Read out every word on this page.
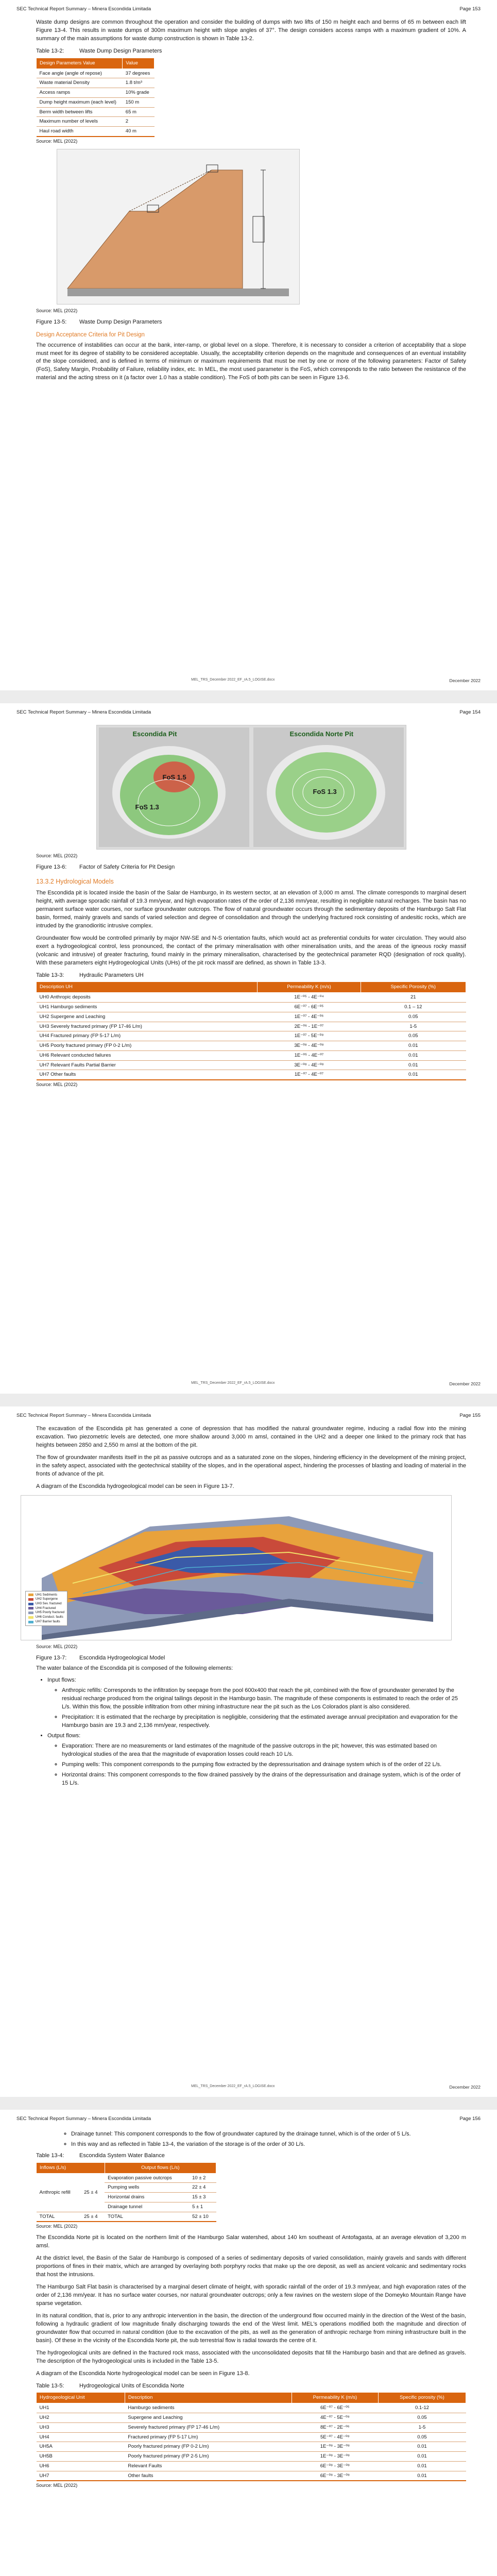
SEC Technical Report Summary – Minera Escondida Limitada	Page 153

Waste dump designs are common throughout the operation and consider the building of dumps with two lifts of 150 m height each and berms of 65 m between each lift Figure 13-4. This results in waste dumps of 300m maximum height with slope angles of 37°. The design considers access ramps with a maximum gradient of 10%. A summary of the main assumptions for waste dump construction is shown in Table 13-2.

Table 13-2:	Waste Dump Design Parameters
Design Parameters Value	Value
Face angle (angle of repose)	37 degrees
Waste material Density	1.8 t/m³
Access ramps	10% grade
Dump height maximum (each level)	150 m
Berm width between lifts	65 m
Maximum number of levels	2
Haul road width	40 m
Source: MEL (2022)
Source: MEL (2022)
Figure 13-5:	Waste Dump Design Parameters
Design Acceptance Criteria for Pit Design

The occurrence of instabilities can occur at the bank, inter-ramp, or global level on a slope. Therefore, it is necessary to consider a criterion of acceptability that a slope must meet for its degree of stability to be considered acceptable. Usually, the acceptability criterion depends on the magnitude and consequences of an eventual instability of the slope considered, and is defined in terms of minimum or maximum requirements that must be met by one or more of the following parameters: Factor of Safety (FoS), Safety Margin, Probability of Failure, reliability index, etc. In MEL, the most used parameter is the FoS, which corresponds to the ratio between the resistance of the material and the acting stress on it (a factor over 1.0 has a stable condition). The FoS of both pits can be seen in Figure 13-6.

MEL_TRS_December 2022_EF_rA.5_LOGISE.docx	December 2022
SEC Technical Report Summary – Minera Escondida Limitada	Page 154
Escondida Pit	Escondida Norte Pit
FoS 1.5
FoS 1.3
FoS 1.3
Source: MEL (2022)
Figure 13-6:	Factor of Safety Criteria for Pit Design
13.3.2 Hydrological Models

The Escondida pit is located inside the basin of the Salar de Hamburgo, in its western sector, at an elevation of 3,000 m amsl. The climate corresponds to marginal desert height, with average sporadic rainfall of 19.3 mm/year, and high evaporation rates of the order of 2,136 mm/year, resulting in negligible natural recharges. The basin has no permanent surface water courses, nor surface groundwater outcrops. The flow of natural groundwater occurs through the sedimentary deposits of the Hamburgo Salt Flat basin, formed, mainly gravels and sands of varied selection and degree of consolidation and through the underlying fractured rock consisting of andesitic rocks, which are intruded by the granodioritic intrusive complex.

Groundwater flow would be controlled primarily by major NW-SE and N-S orientation faults, which would act as preferential conduits for water circulation. They would also exert a hydrogeological control, less pronounced, the contact of the primary mineralisation with other mineralisation units, and the areas of the igneous rocky massif (volcanic and intrusive) of greater fracturing, found mainly in the primary mineralisation, characterised by the geotechnical parameter RQD (designation of rock quality). With these parameters eight Hydrogeological Units (UHs) of the pit rock massif are defined, as shown in Table 13-3.

Table 13-3:	Hydraulic Parameters UH
Description UH	Permeability K (m/s)	Specific Porosity (%)
UH0 Anthropic deposits	1E⁻⁰⁵ - 4E⁻⁰⁴	21
UH1 Hamburgo sediments	6E⁻⁰⁷ - 6E⁻⁰⁵	0.1 – 12
UH2 Supergene and Leaching	1E⁻⁰⁷ - 4E⁻⁰⁶	0.05
UH3 Severely fractured primary (FP 17-46 L/m)	2E⁻⁰⁶ - 1E⁻⁰⁷	1-5
UH4 Fractured primary (FP 5-17 L/m)	1E⁻⁰⁷ - 5E⁻⁰⁸	0.05
UH5 Poorly fractured primary (FP 0-2 L/m)	3E⁻⁰⁸ - 4E⁻⁰⁸	0.01
UH6 Relevant conducted failures	1E⁻⁰⁵ - 4E⁻⁰⁷	0.01
UH7 Relevant Faults Partial Barrier	3E⁻⁰⁸ - 4E⁻⁰⁸	0.01
UH7 Other faults	1E⁻⁰⁷ - 4E⁻⁰⁷	0.01
Source: MEL (2022)
MEL_TRS_December 2022_EF_rA.5_LOGISE.docx	December 2022
SEC Technical Report Summary – Minera Escondida Limitada	Page 155

The excavation of the Escondida pit has generated a cone of depression that has modified the natural groundwater regime, inducing a radial flow into the mining excavation. Two piezometric levels are detected, one more shallow around 3,000 m amsl, contained in the UH2 and a deeper one linked to the primary rock that has heights between 2850 and 2,550 m amsl at the bottom of the pit.

The flow of groundwater manifests itself in the pit as passive outcrops and as a saturated zone on the slopes, hindering efficiency in the development of the mining project, in the safety aspect, associated with the geotechnical stability of the slopes, and in the operational aspect, hindering the processes of blasting and loading of material in the fronts of advance of the pit.

A diagram of the Escondida hydrogeological model can be seen in Figure 13-7.

UH1 Sediments
UH2 Supergene
UH3 Sev. fractured
UH4 Fractured
UH5 Poorly fractured
UH6 Conduct. faults
UH7 Barrier faults
Source: MEL (2022)
Figure 13-7:	Escondida Hydrogeological Model

The water balance of the Escondida pit is composed of the following elements:

• Input flows:
◦ Anthropic refills: Corresponds to the infiltration by seepage from the pool 600x400 that reach the pit, combined with the flow of groundwater generated by the residual recharge produced from the original tailings deposit in the Hamburgo basin. The magnitude of these components is estimated to reach the order of 25 L/s. Within this flow, the possible infiltration from other mining infrastructure near the pit such as the Los Colorados plant is also considered.
◦ Precipitation: It is estimated that the recharge by precipitation is negligible, considering that the estimated average annual precipitation and evaporation for the Hamburgo basin are 19.3 and 2,136 mm/year, respectively.
• Output flows:
◦ Evaporation: There are no measurements or land estimates of the magnitude of the passive outcrops in the pit; however, this was estimated based on hydrological studies of the area that the magnitude of evaporation losses could reach 10 L/s.
◦ Pumping wells: This component corresponds to the pumping flow extracted by the depressurisation and drainage system which is of the order of 22 L/s.
◦ Horizontal drains: This component corresponds to the flow drained passively by the drains of the depressurisation and drainage system, which is of the order of 15 L/s.
MEL_TRS_December 2022_EF_rA.5_LOGISE.docx	December 2022
SEC Technical Report Summary – Minera Escondida Limitada	Page 156
◦ Drainage tunnel: This component corresponds to the flow of groundwater captured by the drainage tunnel, which is of the order of 5 L/s.
◦ In this way and as reflected in Table 13-4, the variation of the storage is of the order of 30 L/s.
Table 13-4:	Escondida System Water Balance
Inflows (L/s)		Output flows (L/s)	
Anthropic refill	25 ± 4	Evaporation passive outcrops	10 ± 2
		Pumping wells	22 ± 4
		Horizontal drains	15 ± 3
		Drainage tunnel	5 ± 1
TOTAL	25 ± 4	TOTAL	52 ± 10
Source: MEL (2022)

The Escondida Norte pit is located on the northern limit of the Hamburgo Salar watershed, about 140 km southeast of Antofagasta, at an average elevation of 3,200 m amsl.

At the district level, the Basin of the Salar de Hamburgo is composed of a series of sedimentary deposits of varied consolidation, mainly gravels and sands with different proportions of fines in their matrix, which are arranged by overlaying both porphyry rocks that make up the ore deposit, as well as ancient volcanic and sedimentary rocks that host the intrusions.

The Hamburgo Salt Flat basin is characterised by a marginal desert climate of height, with sporadic rainfall of the order of 19.3 mm/year, and high evaporation rates of the order of 2,136 mm/year. It has no surface water courses, nor natural groundwater outcrops; only a few ravines on the western slope of the Domeyko Mountain Range have sparse vegetation.

In its natural condition, that is, prior to any anthropic intervention in the basin, the direction of the underground flow occurred mainly in the direction of the West of the basin, following a hydraulic gradient of low magnitude finally discharging towards the end of the West limit. MEL's operations modified both the magnitude and direction of groundwater flow that occurred in natural condition (due to the excavation of the pits, as well as the generation of anthropic recharge from mining infrastructure built in the basin). Of these in the vicinity of the Escondida Norte pit, the sub terrestrial flow is radial towards the centre of it.

The hydrogeological units are defined in the fractured rock mass, associated with the unconsolidated deposits that fill the Hamburgo basin and that are defined as gravels. The description of the hydrogeological units is included in the Table 13-5.

A diagram of the Escondida Norte hydrogeological model can be seen in Figure 13-8.

Table 13-5:	Hydrogeological Units of Escondida Norte
Hydrogeological Unit	Description	Permeability K (m/s)	Specific porosity (%)
UH1	Hamburgo sediments	6E⁻⁰⁷ - 6E⁻⁰⁵	0.1-12
UH2	Supergene and Leaching	4E⁻⁰⁷ - 5E⁻⁰⁸	0.05
UH3	Severely fractured primary (FP 17-46 L/m)	8E⁻⁰⁷ - 2E⁻⁰⁶	1-5
UH4	Fractured primary (FP 5-17 L/m)	5E⁻⁰⁷ - 4E⁻⁰⁸	0.05
UH5A	Poorly fractured primary (FP 0-2 L/m)	1E⁻⁰⁸ - 3E⁻⁰⁸	0.01
UH5B	Poorly fractured primary (FP 2-5 L/m)	1E⁻⁰⁸ - 3E⁻⁰⁸	0.01
UH6	Relevant Faults	6E⁻⁰⁸ - 3E⁻⁰⁸	0.01
UH7	Other faults	6E⁻⁰⁸ - 3E⁻⁰⁸	0.01
Source: MEL (2022)
